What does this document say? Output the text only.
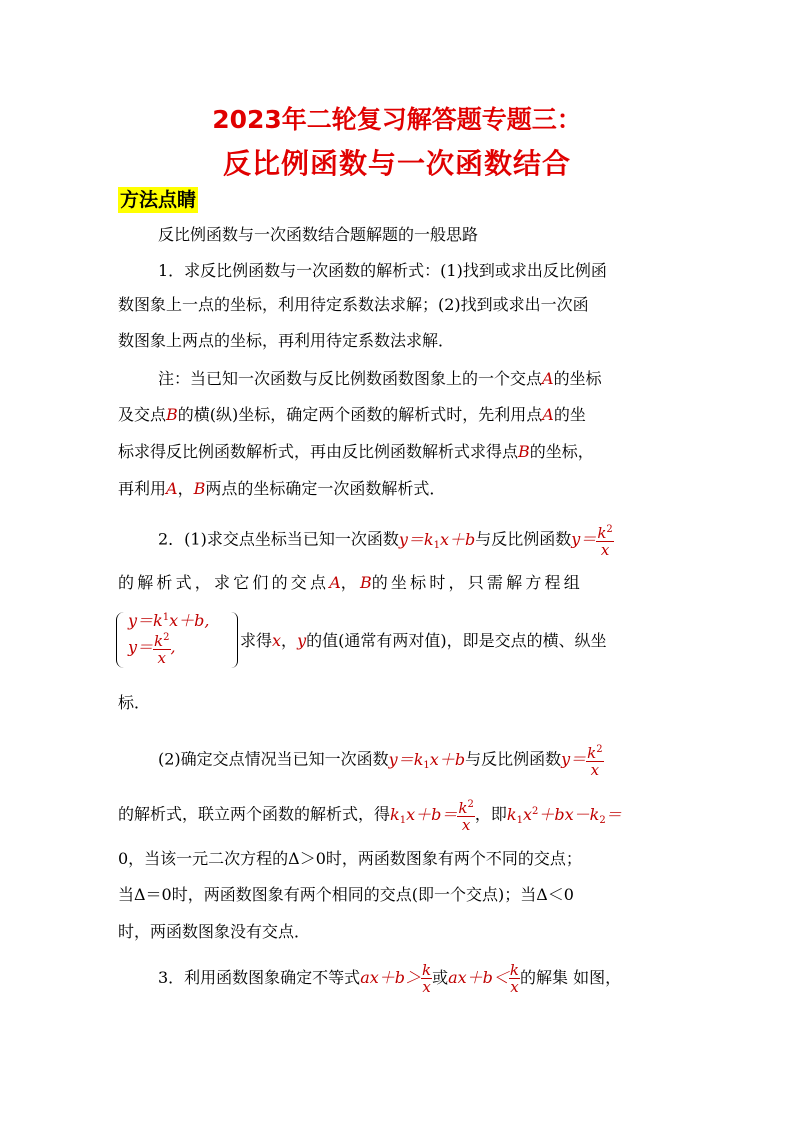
2023年二轮复习解答题专题三：
反比例函数与一次函数结合
方法点睛
反比例函数与一次函数结合题解题的一般思路
1．求反比例函数与一次函数的解析式：(1)找到或求出反比例函
数图象上一点的坐标，利用待定系数法求解；(2)找到或求出一次函
数图象上两点的坐标，再利用待定系数法求解．
注：当已知一次函数与反比例数函数图象上的一个交点A的坐标
及交点B的横(纵)坐标，确定两个函数的解析式时，先利用点A的坐
标求得反比例函数解析式，再由反比例函数解析式求得点B的坐标，
再利用A，B两点的坐标确定一次函数解析式．
2．(1)求交点坐标当已知一次函数$y=k_1x+b$与反比例函数$y= \frac{k^2}{x}$
的解析式，求它们的交点A，B的坐标时，只需解方程组
$y=k^1x+b$,
$y= \frac{k^2}{x}$ ,	求得x，y的值(通常有两对值)，即是交点的横、纵坐
标．
(2)确定交点情况当已知一次函数$y=k_1x+b$与反比例函数$y= \frac{k^2}{x}$
的解析式，联立两个函数的解析式，得$k_1x+b= \frac{k^2}{x}$ ，即$k_1x^2+bx-k_2=$
0，当该一元二次方程的Δ＞0时，两函数图象有两个不同的交点；
当Δ＝0时，两函数图象有两个相同的交点(即一个交点)；当Δ＜0
时，两函数图象没有交点．
3．利用函数图象确定不等式$ax+b> \frac{k}{x}$ 或$ax+b< \frac{k}{x}$ 的解集 如图，
